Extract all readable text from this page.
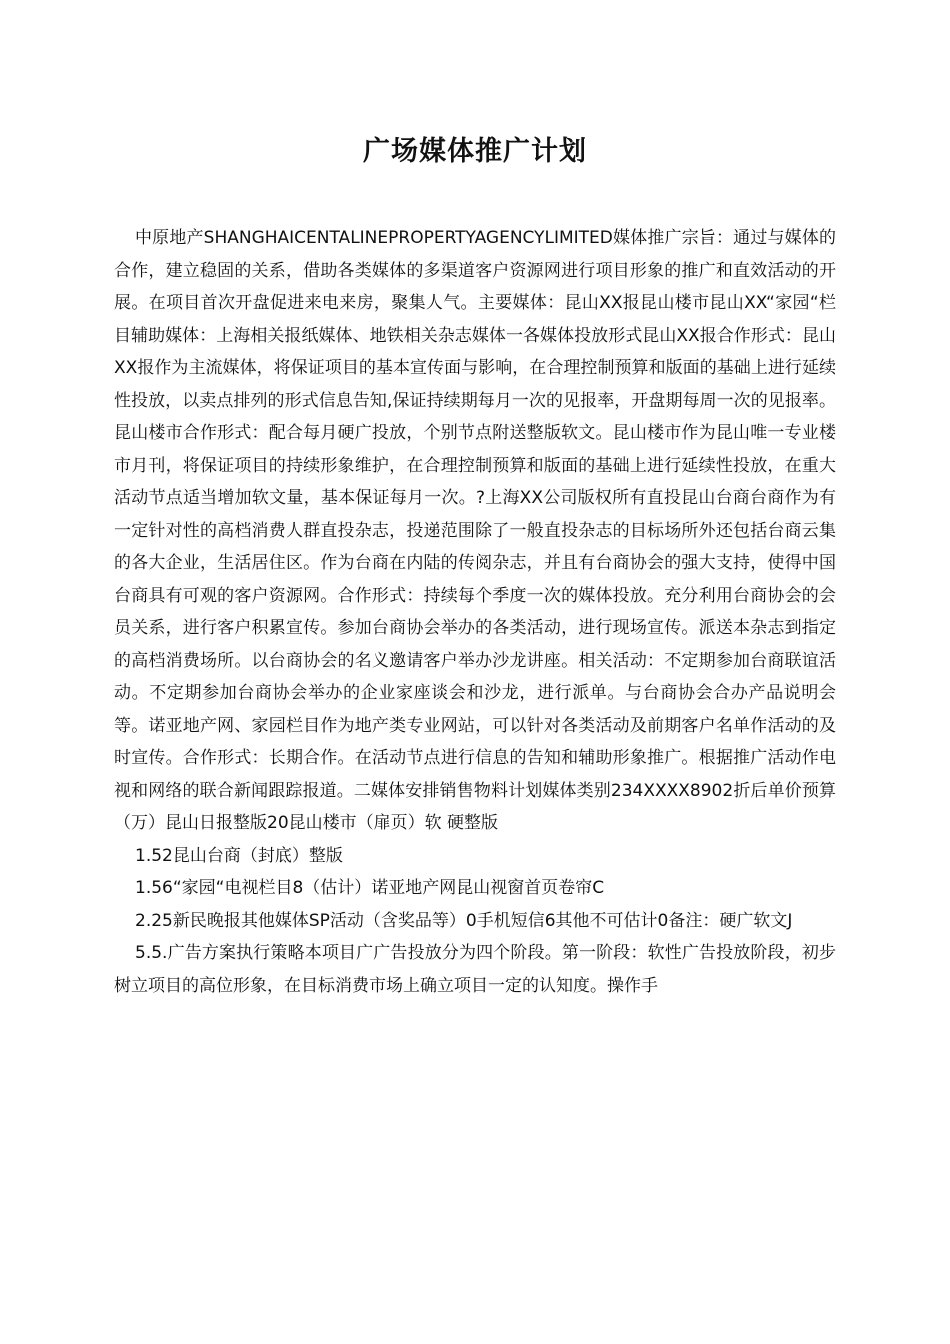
广场媒体推广计划

中原地产SHANGHAICENTALINEPROPERTYAGENCYLIMITED媒体推广宗旨：通过与媒体的合作，建立稳固的关系，借助各类媒体的多渠道客户资源网进行项目形象的推广和直效活动的开展。在项目首次开盘促进来电来房，聚集人气。主要媒体：昆山XX报昆山楼市昆山XX“家园“栏目辅助媒体：上海相关报纸媒体、地铁相关杂志媒体一各媒体投放形式昆山XX报合作形式：昆山XX报作为主流媒体，将保证项目的基本宣传面与影响，在合理控制预算和版面的基础上进行延续性投放，以卖点排列的形式信息告知,保证持续期每月一次的见报率，开盘期每周一次的见报率。昆山楼市合作形式：配合每月硬广投放，个别节点附送整版软文。昆山楼市作为昆山唯一专业楼市月刊，将保证项目的持续形象维护，在合理控制预算和版面的基础上进行延续性投放，在重大活动节点适当增加软文量，基本保证每月一次。?上海XX公司版权所有直投昆山台商台商作为有一定针对性的高档消费人群直投杂志，投递范围除了一般直投杂志的目标场所外还包括台商云集的各大企业，生活居住区。作为台商在内陆的传阅杂志，并且有台商协会的强大支持，使得中国台商具有可观的客户资源网。合作形式：持续每个季度一次的媒体投放。充分利用台商协会的会员关系，进行客户积累宣传。参加台商协会举办的各类活动，进行现场宣传。派送本杂志到指定的高档消费场所。以台商协会的名义邀请客户举办沙龙讲座。相关活动：不定期参加台商联谊活动。不定期参加台商协会举办的企业家座谈会和沙龙，进行派单。与台商协会合办产品说明会等。诺亚地产网、家园栏目作为地产类专业网站，可以针对各类活动及前期客户名单作活动的及时宣传。合作形式：长期合作。在活动节点进行信息的告知和辅助形象推广。根据推广活动作电视和网络的联合新闻跟踪报道。二媒体安排销售物料计划媒体类别234XXXX8902折后单价预算（万）昆山日报整版20昆山楼市（扉页）软 硬整版

1.52昆山台商（封底）整版

1.56“家园“电视栏目8（估计）诺亚地产网昆山视窗首页卷帘C

2.25新民晚报其他媒体SP活动（含奖品等）0手机短信6其他不可估计0备注：硬广软文J

5.5.广告方案执行策略本项目广广告投放分为四个阶段。第一阶段：软性广告投放阶段，初步树立项目的高位形象，在目标消费市场上确立项目一定的认知度。操作手
